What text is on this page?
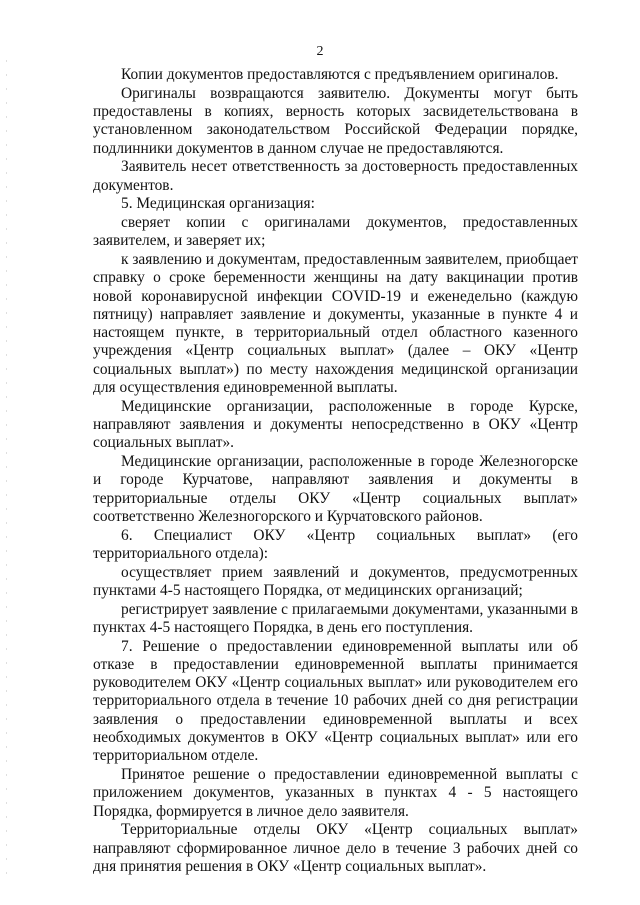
2

Копии документов предоставляются с предъявлением оригиналов.

Оригиналы возвращаются заявителю. Документы могут быть предоставлены в копиях, верность которых засвидетельствована в установленном законодательством Российской Федерации порядке, подлинники документов в данном случае не предоставляются.

Заявитель несет ответственность за достоверность предоставленных документов.

5. Медицинская организация:

сверяет копии с оригиналами документов, предоставленных заявителем, и заверяет их;

к заявлению и документам, предоставленным заявителем, приобщает справку о сроке беременности женщины на дату вакцинации против новой коронавирусной инфекции COVID-19 и еженедельно (каждую пятницу) направляет заявление и документы, указанные в пункте 4 и настоящем пункте, в территориальный отдел областного казенного учреждения «Центр социальных выплат» (далее – ОКУ «Центр социальных выплат») по месту нахождения медицинской организации для осуществления единовременной выплаты.

Медицинские организации, расположенные в городе Курске, направляют заявления и документы непосредственно в ОКУ «Центр социальных выплат».

Медицинские организации, расположенные в городе Железногорске и городе Курчатове, направляют заявления и документы в территориальные отделы ОКУ «Центр социальных выплат» соответственно Железногорского и Курчатовского районов.

6. Специалист ОКУ «Центр социальных выплат» (его территориального отдела):

осуществляет прием заявлений и документов, предусмотренных пунктами 4-5 настоящего Порядка, от медицинских организаций;

регистрирует заявление с прилагаемыми документами, указанными в пунктах 4-5 настоящего Порядка, в день его поступления.

7. Решение о предоставлении единовременной выплаты или об отказе в предоставлении единовременной выплаты принимается руководителем ОКУ «Центр социальных выплат» или руководителем его территориального отдела в течение 10 рабочих дней со дня регистрации заявления о предоставлении единовременной выплаты и всех необходимых документов в ОКУ «Центр социальных выплат» или его территориальном отделе.

Принятое решение о предоставлении единовременной выплаты с приложением документов, указанных в пунктах 4 - 5 настоящего Порядка, формируется в личное дело заявителя.

Территориальные отделы ОКУ «Центр социальных выплат» направляют сформированное личное дело в течение 3 рабочих дней со дня принятия решения в ОКУ «Центр социальных выплат».
